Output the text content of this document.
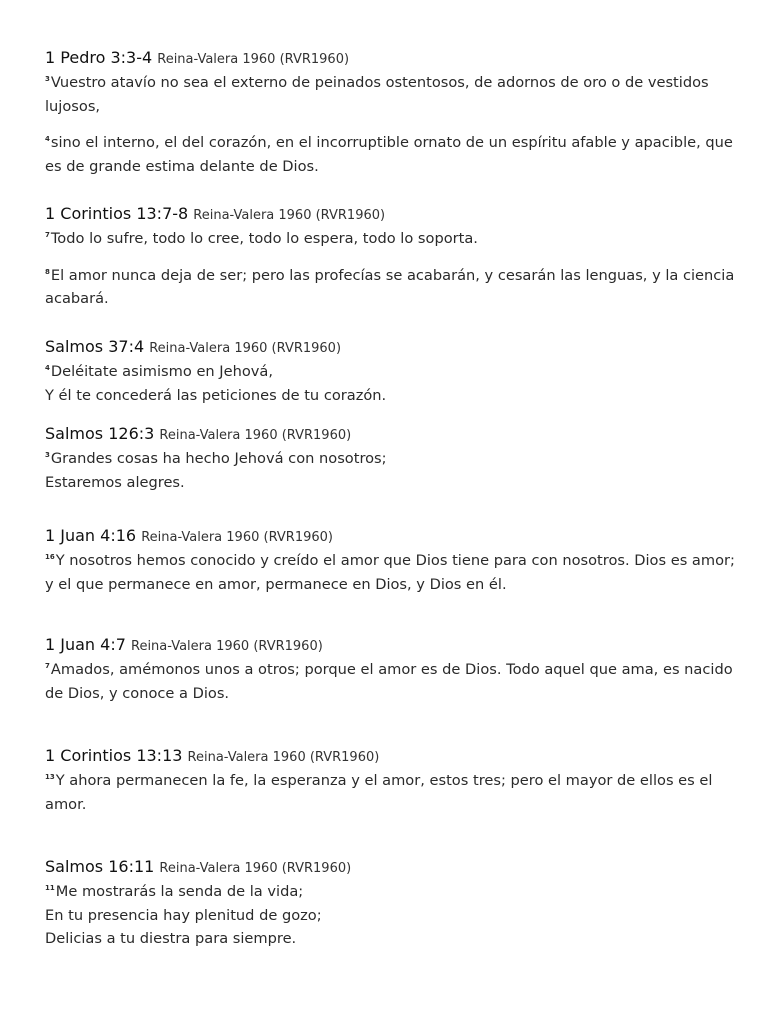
1 Pedro 3:3-4 Reina-Valera 1960 (RVR1960)
$^3$Vuestro atavío no sea el externo de peinados ostentosos, de adornos de oro o de vestidos lujosos,
$^4$sino el interno, el del corazón, en el incorruptible ornato de un espíritu afable y apacible, que es de grande estima delante de Dios.
1 Corintios 13:7-8 Reina-Valera 1960 (RVR1960)
$^7$Todo lo sufre, todo lo cree, todo lo espera, todo lo soporta.
$^8$El amor nunca deja de ser; pero las profecías se acabarán, y cesarán las lenguas, y la ciencia acabará.
Salmos 37:4 Reina-Valera 1960 (RVR1960)
$^4$Deléitate asimismo en Jehová,
Y él te concederá las peticiones de tu corazón.
Salmos 126:3 Reina-Valera 1960 (RVR1960)
$^3$Grandes cosas ha hecho Jehová con nosotros;
Estaremos alegres.
1 Juan 4:16 Reina-Valera 1960 (RVR1960)
$^{16}$Y nosotros hemos conocido y creído el amor que Dios tiene para con nosotros. Dios es amor; y el que permanece en amor, permanece en Dios, y Dios en él.
1 Juan 4:7 Reina-Valera 1960 (RVR1960)
$^7$Amados, amémonos unos a otros; porque el amor es de Dios. Todo aquel que ama, es nacido de Dios, y conoce a Dios.
1 Corintios 13:13 Reina-Valera 1960 (RVR1960)
$^{13}$Y ahora permanecen la fe, la esperanza y el amor, estos tres; pero el mayor de ellos es el amor.
Salmos 16:11 Reina-Valera 1960 (RVR1960)
$^{11}$Me mostrarás la senda de la vida;
En tu presencia hay plenitud de gozo;
Delicias a tu diestra para siempre.
